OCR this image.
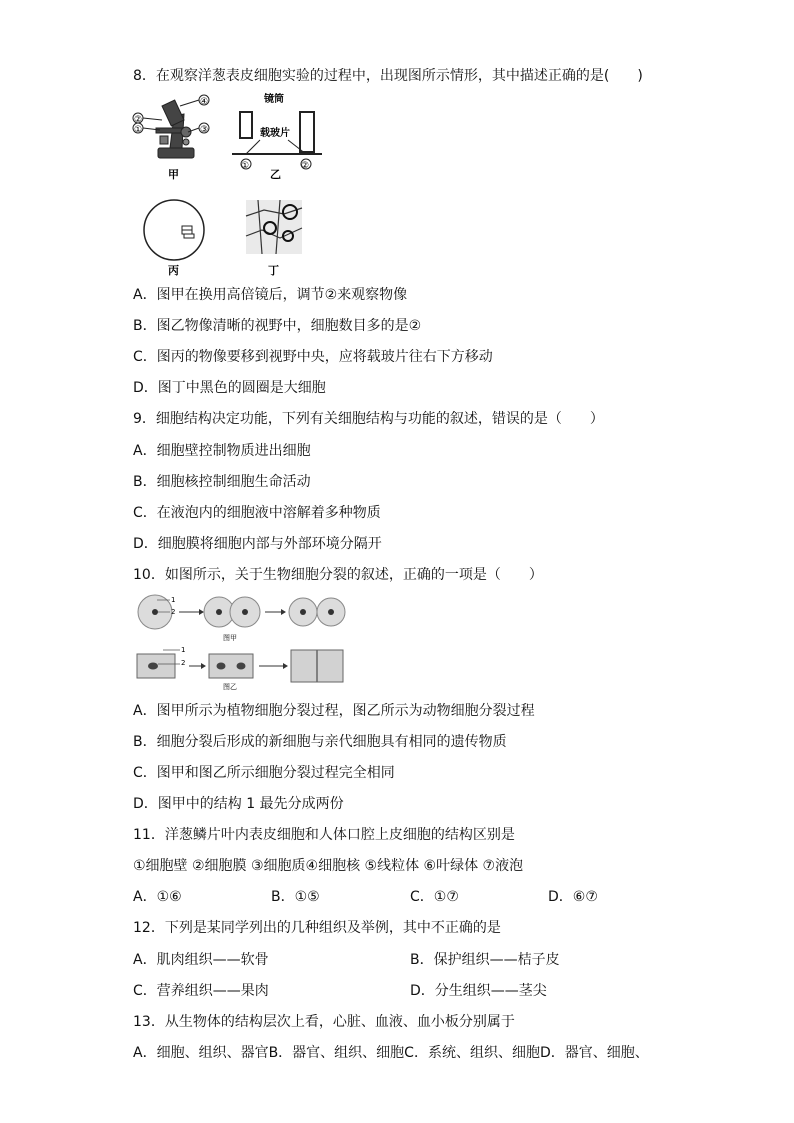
8．在观察洋葱表皮细胞实验的过程中，出现图所示情形，其中描述正确的是(　　)
④
③
②
①
甲
镜筒
载玻片
①	②
乙
丙	丁
A．图甲在换用高倍镜后，调节②来观察物像
B．图乙物像清晰的视野中，细胞数目多的是②
C．图丙的物像要移到视野中央，应将载玻片往右下方移动
D．图丁中黑色的圆圈是大细胞
9．细胞结构决定功能，下列有关细胞结构与功能的叙述，错误的是（　　）
A．细胞壁控制物质进出细胞
B．细胞核控制细胞生命活动
C．在液泡内的细胞液中溶解着多种物质
D．细胞膜将细胞内部与外部环境分隔开
10．如图所示，关于生物细胞分裂的叙述，正确的一项是（　　）
1
2
图甲
1
2
图乙
A．图甲所示为植物细胞分裂过程，图乙所示为动物细胞分裂过程
B．细胞分裂后形成的新细胞与亲代细胞具有相同的遗传物质
C．图甲和图乙所示细胞分裂过程完全相同
D．图甲中的结构 1 最先分成两份
11．洋葱鳞片叶内表皮细胞和人体口腔上皮细胞的结构区别是
①细胞壁 ②细胞膜 ③细胞质④细胞核 ⑤线粒体 ⑥叶绿体 ⑦液泡
A．①⑥	B．①⑤	C．①⑦	D．⑥⑦
12．下列是某同学列出的几种组织及举例，其中不正确的是
A．肌肉组织——软骨	B．保护组织——桔子皮
C．营养组织——果肉	D．分生组织——茎尖
13．从生物体的结构层次上看，心脏、血液、血小板分别属于
A．细胞、组织、器官B．器官、组织、细胞C．系统、组织、细胞D．器官、细胞、
